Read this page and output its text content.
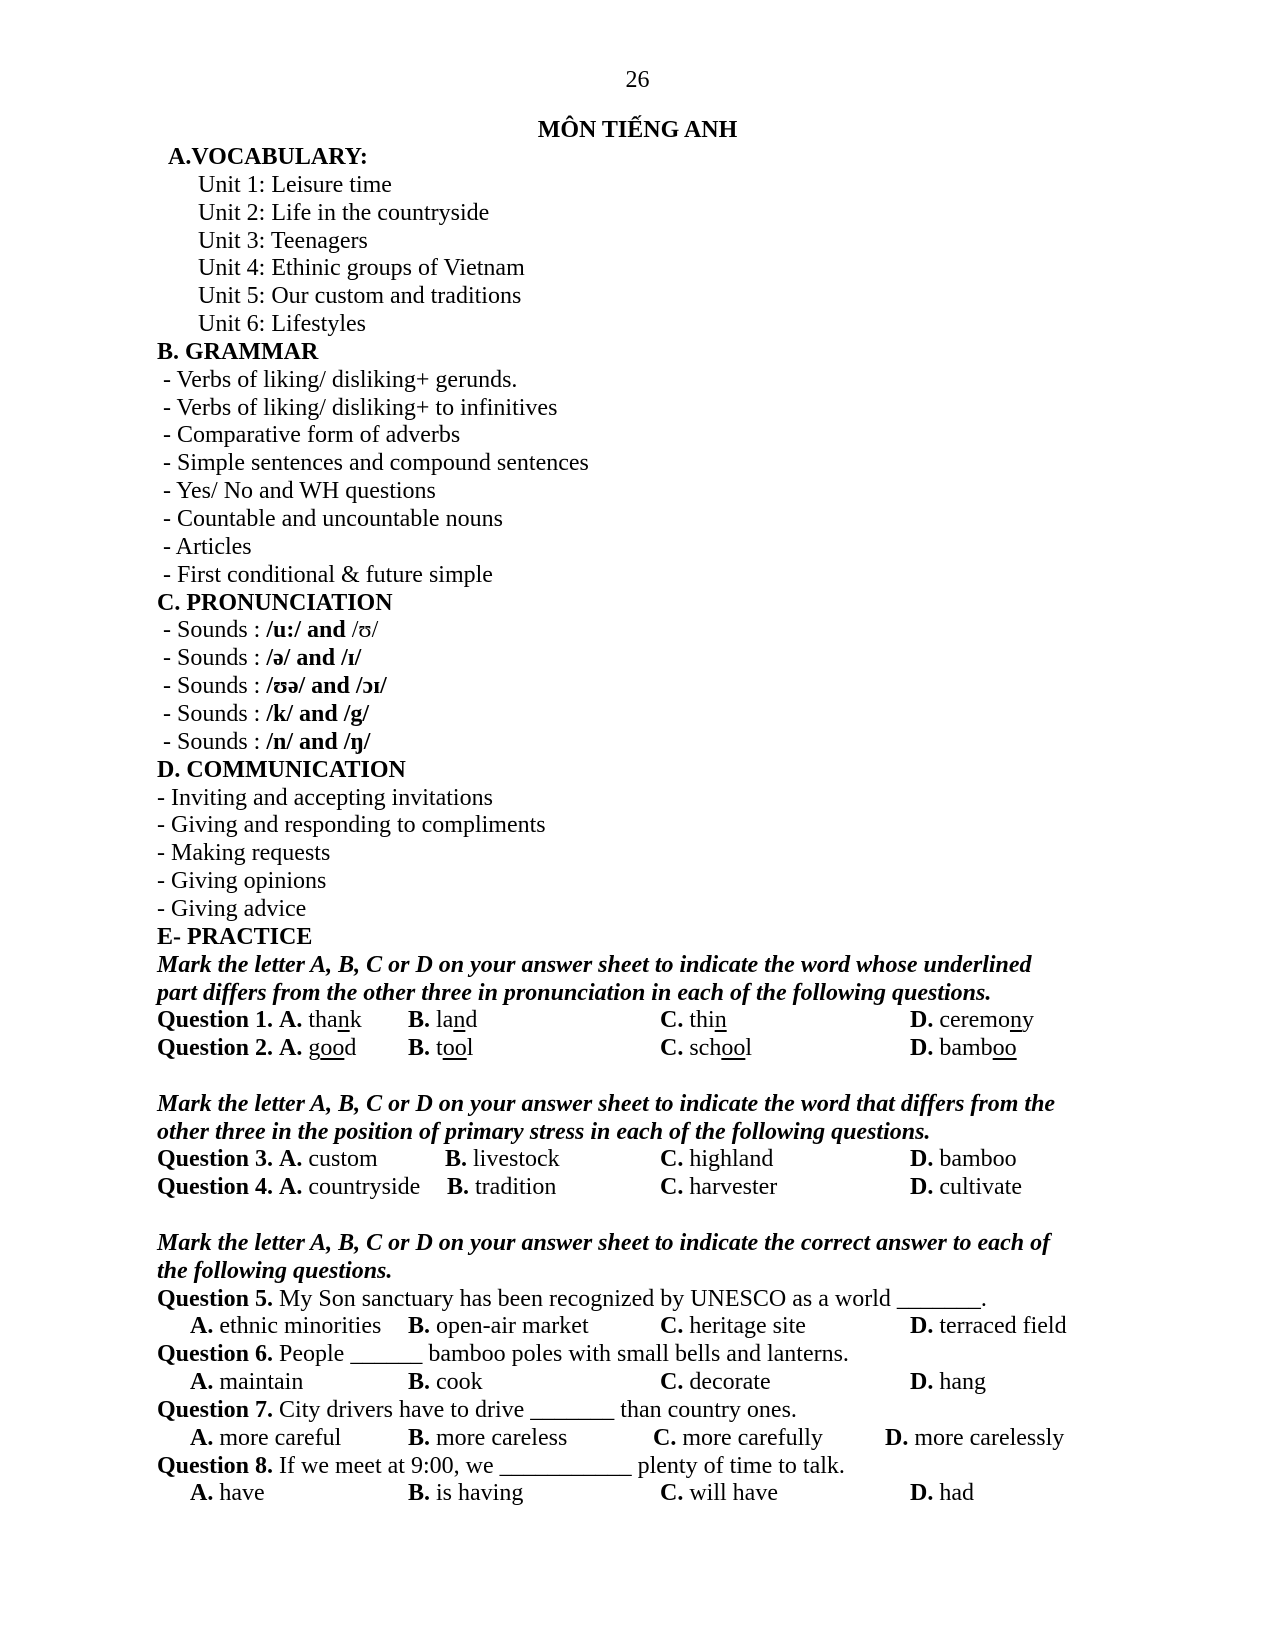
26
MÔN TIẾNG ANH
A.VOCABULARY:
Unit 1: Leisure time
Unit 2: Life in the countryside
Unit 3: Teenagers
Unit 4: Ethinic groups of Vietnam
Unit 5: Our custom and traditions
Unit 6: Lifestyles
B. GRAMMAR
- Verbs of liking/ disliking+ gerunds.
- Verbs of liking/ disliking+ to infinitives
- Comparative form of adverbs
- Simple sentences and compound sentences
- Yes/ No and WH questions
- Countable and uncountable nouns
- Articles
- First conditional & future simple
C. PRONUNCIATION
- Sounds : /u:/ and /ʊ/
- Sounds : /ə/ and /ɪ/
- Sounds : /ʊə/ and /ɔɪ/
- Sounds : /k/ and /g/
- Sounds : /n/ and /ŋ/
D. COMMUNICATION
- Inviting and accepting invitations
- Giving and responding to compliments
- Making requests
- Giving opinions
- Giving advice
E- PRACTICE
Mark the letter A, B, C or D on your answer sheet to indicate the word whose underlined
part differs from the other three in pronunciation in each of the following questions.
Question 1. A. thank B. land	C. thin	D. ceremony
Question 2. A. good B. tool	C. school	D. bamboo
Mark the letter A, B, C or D on your answer sheet to indicate the word that differs from the
other three in the position of primary stress in each of the following questions.
Question 3. A. custom	B. livestock	C. highland	D. bamboo
Question 4. A. countryside B. tradition	C. harvester	D. cultivate
Mark the letter A, B, C or D on your answer sheet to indicate the correct answer to each of
the following questions.
Question 5. My Son sanctuary has been recognized by UNESCO as a world _______.
A. ethnic minorities B. open-air market	C. heritage site	D. terraced field
Question 6. People ______ bamboo poles with small bells and lanterns.
A. maintain	B. cook	C. decorate	D. hang
Question 7. City drivers have to drive _______ than country ones.
A. more careful	B. more careless	C. more carefully	D. more carelessly
Question 8. If we meet at 9:00, we ___________ plenty of time to talk.
A. have	B. is having	C. will have	D. had
